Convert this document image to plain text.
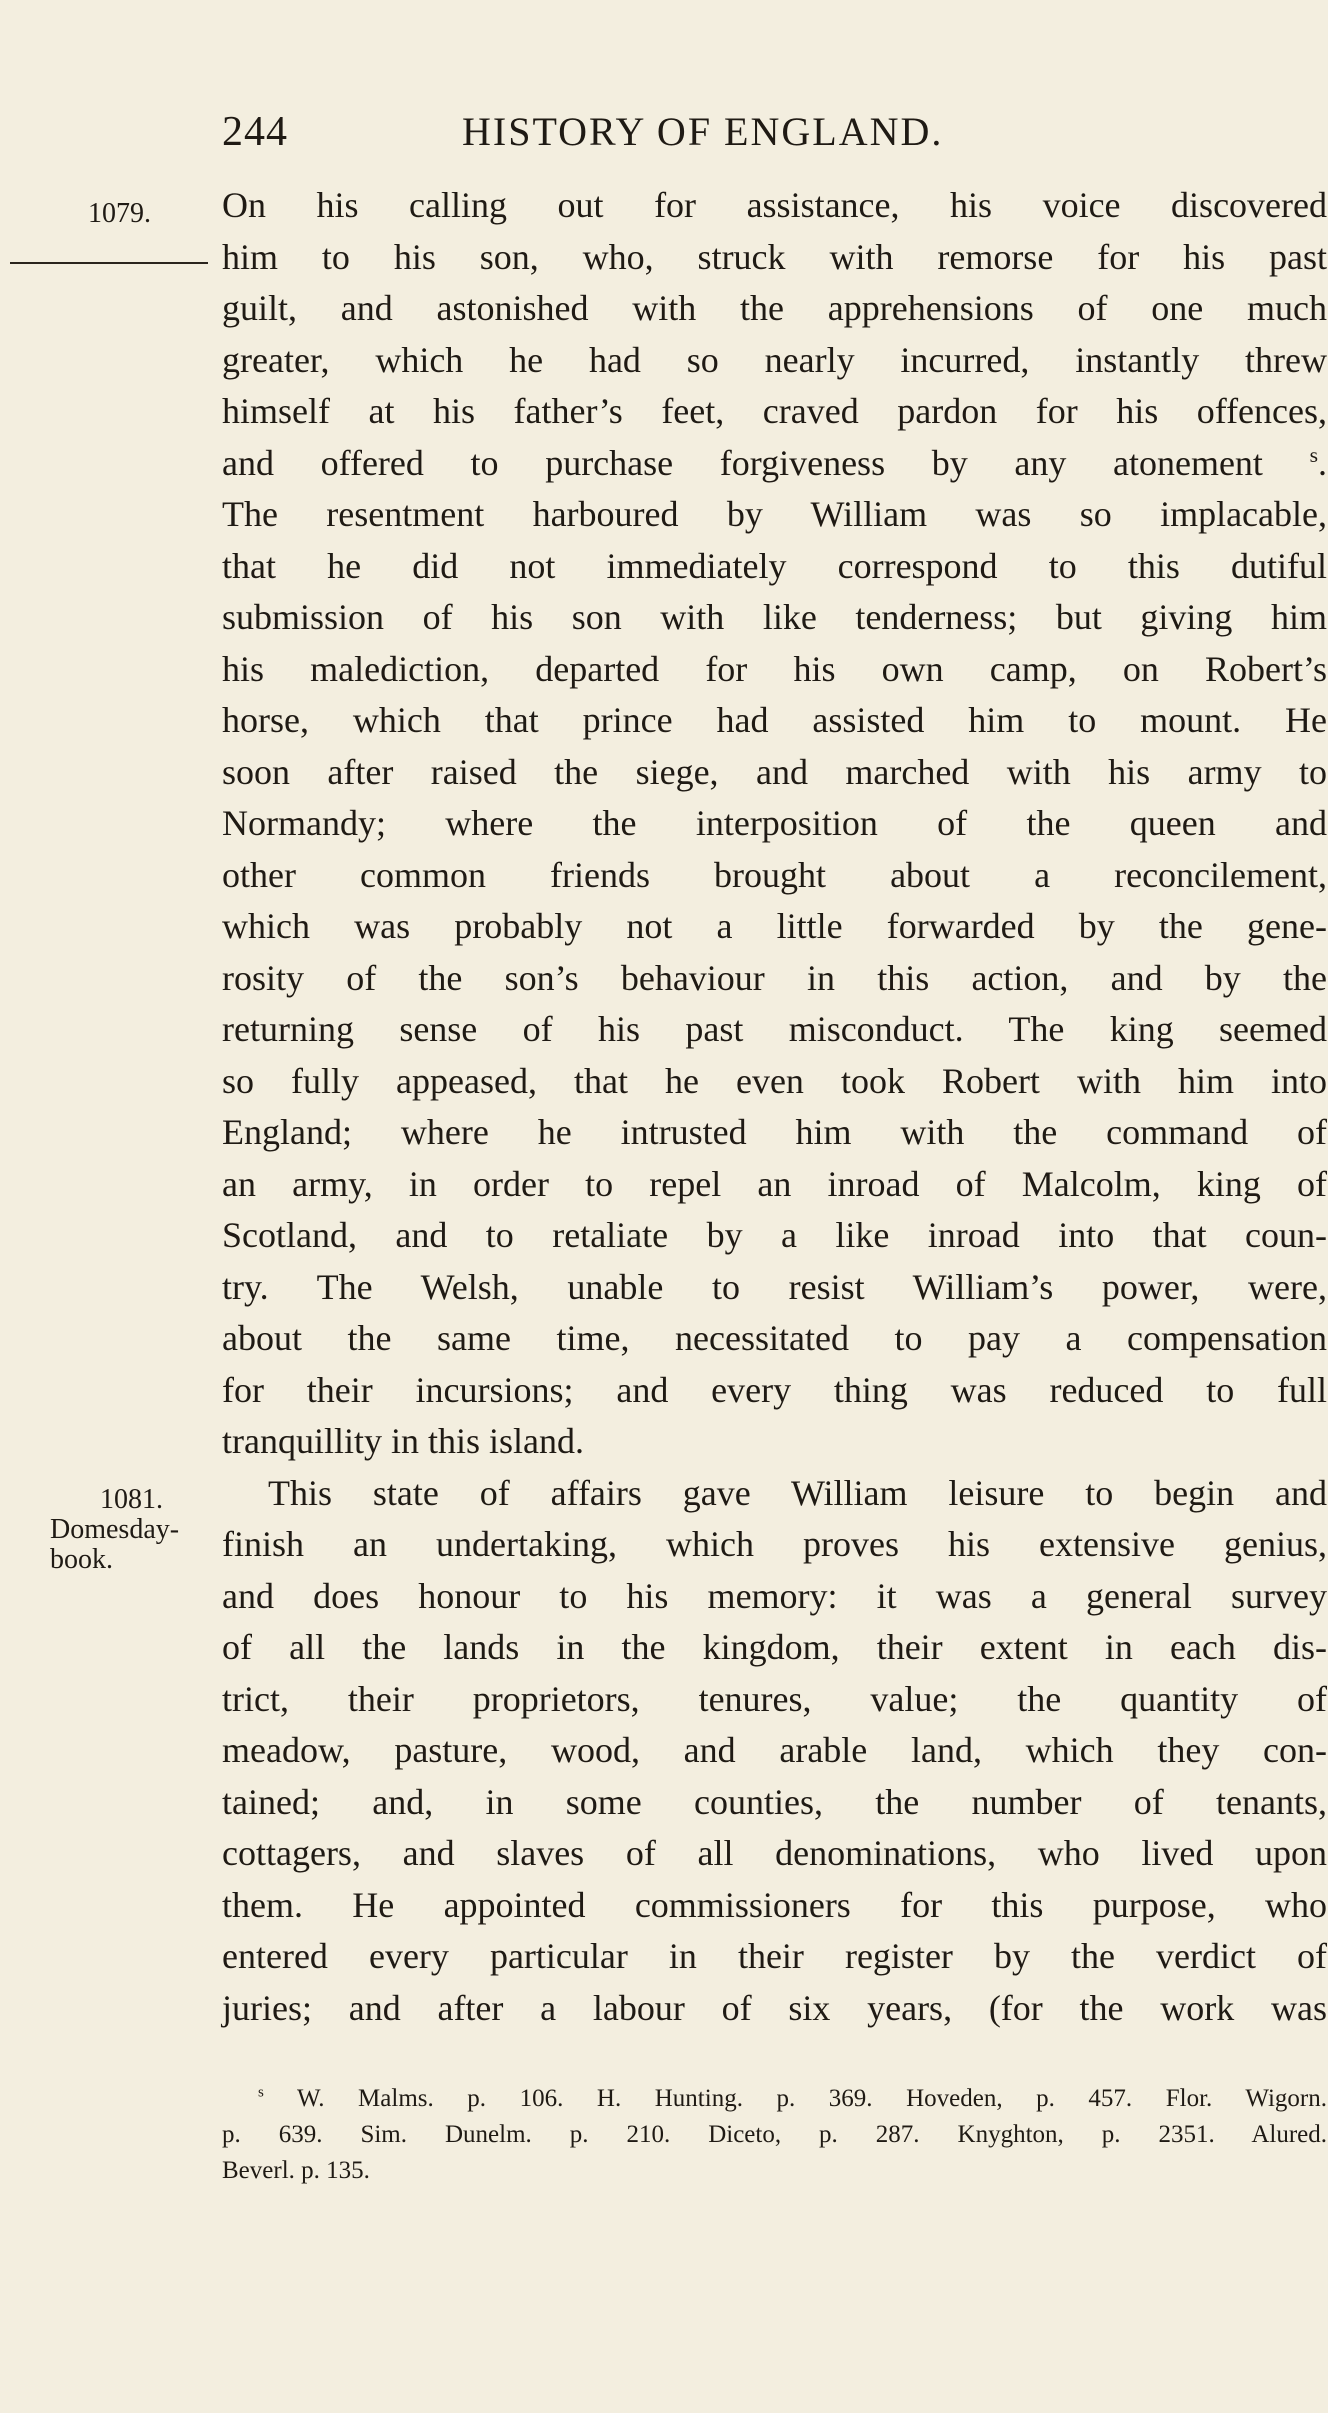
244	HISTORY OF ENGLAND.
1079.
1081.
Domesday-
book.
On his calling out for assistance, his voice discovered
him to his son, who, struck with remorse for his past
guilt, and astonished with the apprehensions of one much
greater, which he had so nearly incurred, instantly threw
himself at his father’s feet, craved pardon for his offences,
and offered to purchase forgiveness by any atonement $^s$.
The resentment harboured by William was so implacable,
that he did not immediately correspond to this dutiful
submission of his son with like tenderness; but giving him
his malediction, departed for his own camp, on Robert’s
horse, which that prince had assisted him to mount. He
soon after raised the siege, and marched with his army to
Normandy; where the interposition of the queen and
other common friends brought about a reconcilement,
which was probably not a little forwarded by the gene-
rosity of the son’s behaviour in this action, and by the
returning sense of his past misconduct. The king seemed
so fully appeased, that he even took Robert with him into
England; where he intrusted him with the command of
an army, in order to repel an inroad of Malcolm, king of
Scotland, and to retaliate by a like inroad into that coun-
try. The Welsh, unable to resist William’s power, were,
about the same time, necessitated to pay a compensation
for their incursions; and every thing was reduced to full
tranquillity in this island.
This state of affairs gave William leisure to begin and
finish an undertaking, which proves his extensive genius,
and does honour to his memory: it was a general survey
of all the lands in the kingdom, their extent in each dis-
trict, their proprietors, tenures, value; the quantity of
meadow, pasture, wood, and arable land, which they con-
tained; and, in some counties, the number of tenants,
cottagers, and slaves of all denominations, who lived upon
them. He appointed commissioners for this purpose, who
entered every particular in their register by the verdict of
juries; and after a labour of six years, (for the work was
$^s$ W. Malms. p. 106. H. Hunting. p. 369. Hoveden, p. 457. Flor. Wigorn.
p. 639. Sim. Dunelm. p. 210. Diceto, p. 287. Knyghton, p. 2351. Alured.
Beverl. p. 135.
